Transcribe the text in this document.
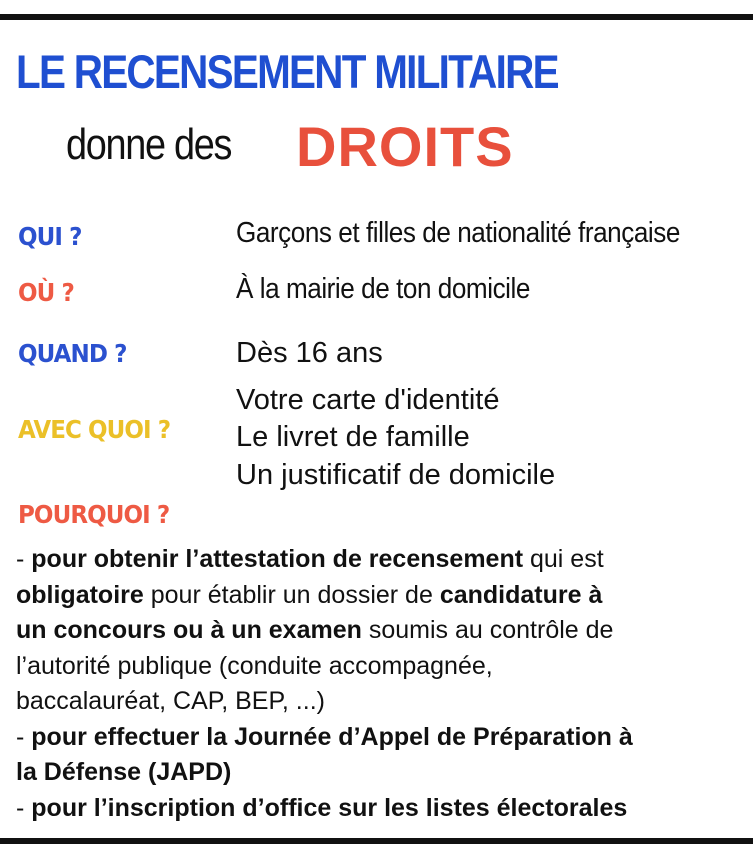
LE RECENSEMENT MILITAIRE
donne des DROITS
QUI ?	Garçons et filles de nationalité française
OÙ ?	À la mairie de ton domicile
QUAND ?	Dès 16 ans
AVEC QUOI ?
Votre carte d'identité
Le livret de famille
Un justificatif de domicile
POURQUOI ?

- pour obtenir l’attestation de recensement qui est

obligatoire pour établir un dossier de candidature à

un concours ou à un examen soumis au contrôle de

l’autorité publique (conduite accompagnée,

baccalauréat, CAP, BEP, ...)

- pour effectuer la Journée d’Appel de Préparation à

la Défense (JAPD)

- pour l’inscription d’office sur les listes électorales
